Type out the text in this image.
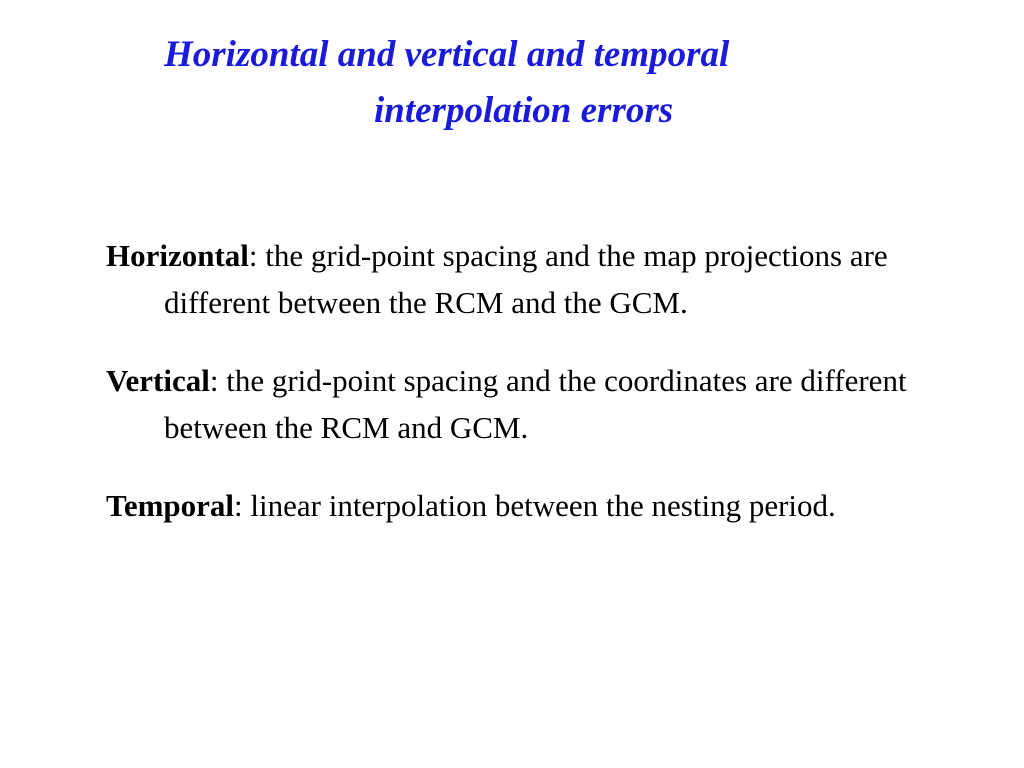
Horizontal and vertical and temporal
interpolation errors

Horizontal: the grid-point spacing and the map projections are different between the RCM and the GCM.

Vertical: the grid-point spacing and the coordinates are different between the RCM and GCM.

Temporal: linear interpolation between the nesting period.
